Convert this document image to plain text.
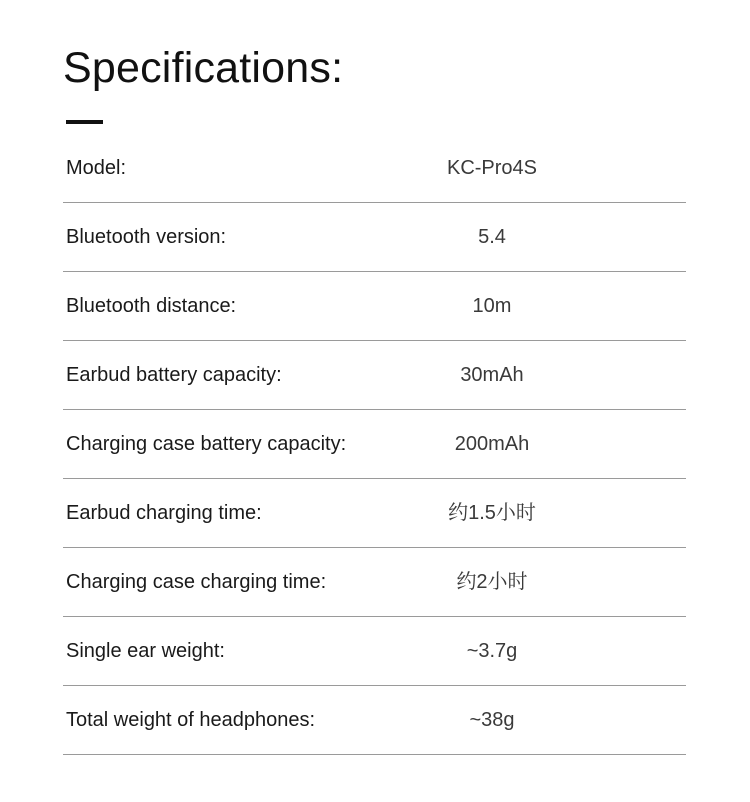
Specifications:
Model:	KC-Pro4S
Bluetooth version:	5.4
Bluetooth distance:	10m
Earbud battery capacity:	30mAh
Charging case battery capacity:	200mAh
Earbud charging time:	约1.5小时
Charging case charging time:	约2小时
Single ear weight:	~3.7g
Total weight of headphones:	~38g
